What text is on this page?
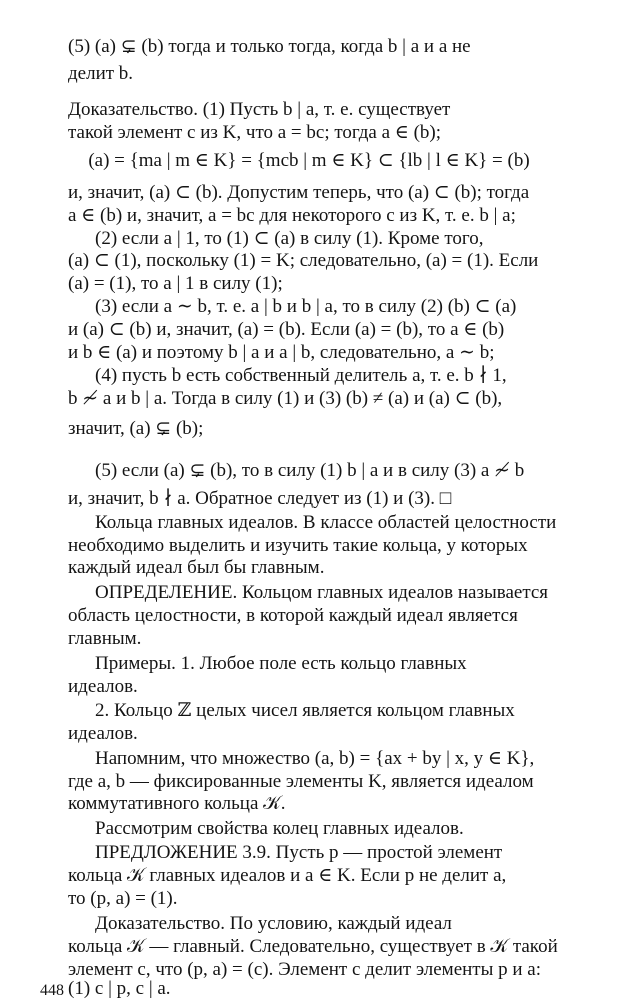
(5) (a) ⊊ (b) тогда и только тогда, когда b | a и a не
делит b.
Доказательство. (1) Пусть b | a, т. е. существует
такой элемент c из K, что a = bc; тогда a ∈ (b);
(a) = {ma | m ∈ K} = {mcb | m ∈ K} ⊂ {lb | l ∈ K} = (b)
и, значит, (a) ⊂ (b). Допустим теперь, что (a) ⊂ (b); тогда
a ∈ (b) и, значит, a = bc для некоторого c из K, т. е. b | a;
(2) если a | 1, то (1) ⊂ (a) в силу (1). Кроме того,
(a) ⊂ (1), поскольку (1) = K; следовательно, (a) = (1). Если
(a) = (1), то a | 1 в силу (1);
(3) если a ∼ b, т. е. a | b и b | a, то в силу (2) (b) ⊂ (a)
и (a) ⊂ (b) и, значит, (a) = (b). Если (a) = (b), то a ∈ (b)
и b ∈ (a) и поэтому b | a и a | b, следовательно, a ∼ b;
(4) пусть b есть собственный делитель a, т. е. b ∤ 1,
b ≁ a и b | a. Тогда в силу (1) и (3) (b) ≠ (a) и (a) ⊂ (b),
значит, (a) ⊊ (b);
(5) если (a) ⊊ (b), то в силу (1) b | a и в силу (3) a ≁ b
и, значит, b ∤ a. Обратное следует из (1) и (3). □
Кольца главных идеалов. В классе областей целостности
необходимо выделить и изучить такие кольца, у которых
каждый идеал был бы главным.
ОПРЕДЕЛЕНИЕ. Кольцом главных идеалов называется
область целостности, в которой каждый идеал является
главным.
Примеры. 1. Любое поле есть кольцо главных
идеалов.
2. Кольцо ℤ целых чисел является кольцом главных
идеалов.
Напомним, что множество (a, b) = {ax + by | x, y ∈ K},
где a, b — фиксированные элементы K, является идеалом
коммутативного кольца 𝒦.
Рассмотрим свойства колец главных идеалов.
ПРЕДЛОЖЕНИЕ 3.9. Пусть p — простой элемент
кольца 𝒦 главных идеалов и a ∈ K. Если p не делит a,
то (p, a) = (1).
Доказательство. По условию, каждый идеал
кольца 𝒦 — главный. Следовательно, существует в 𝒦 такой
элемент c, что (p, a) = (c). Элемент c делит элементы p и a:
(1) c | p, c | a.
448
